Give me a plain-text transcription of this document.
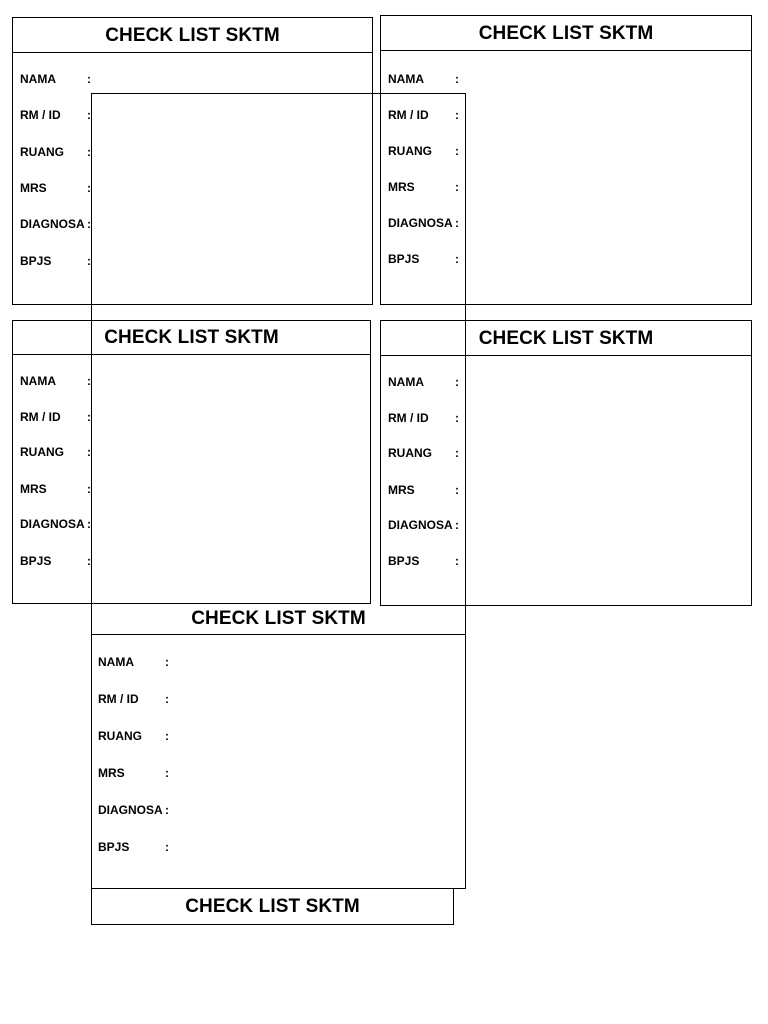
CHECK LIST SKTM
NAMA	:
RM / ID	:
RUANG	:
MRS	:
DIAGNOSA :
BPJS	:
CHECK LIST SKTM
NAMA	:
RM / ID	:
RUANG	:
MRS	:
DIAGNOSA :
BPJS	:
CHECK LIST SKTM
NAMA	:
RM / ID	:
RUANG	:
MRS	:
DIAGNOSA :
BPJS	:
CHECK LIST SKTM
NAMA	:
RM / ID	:
RUANG	:
MRS	:
DIAGNOSA :
BPJS	:
CHECK LIST SKTM
NAMA	:
RM / ID	:
RUANG	:
MRS	:
DIAGNOSA :
BPJS	:
CHECK LIST SKTM
